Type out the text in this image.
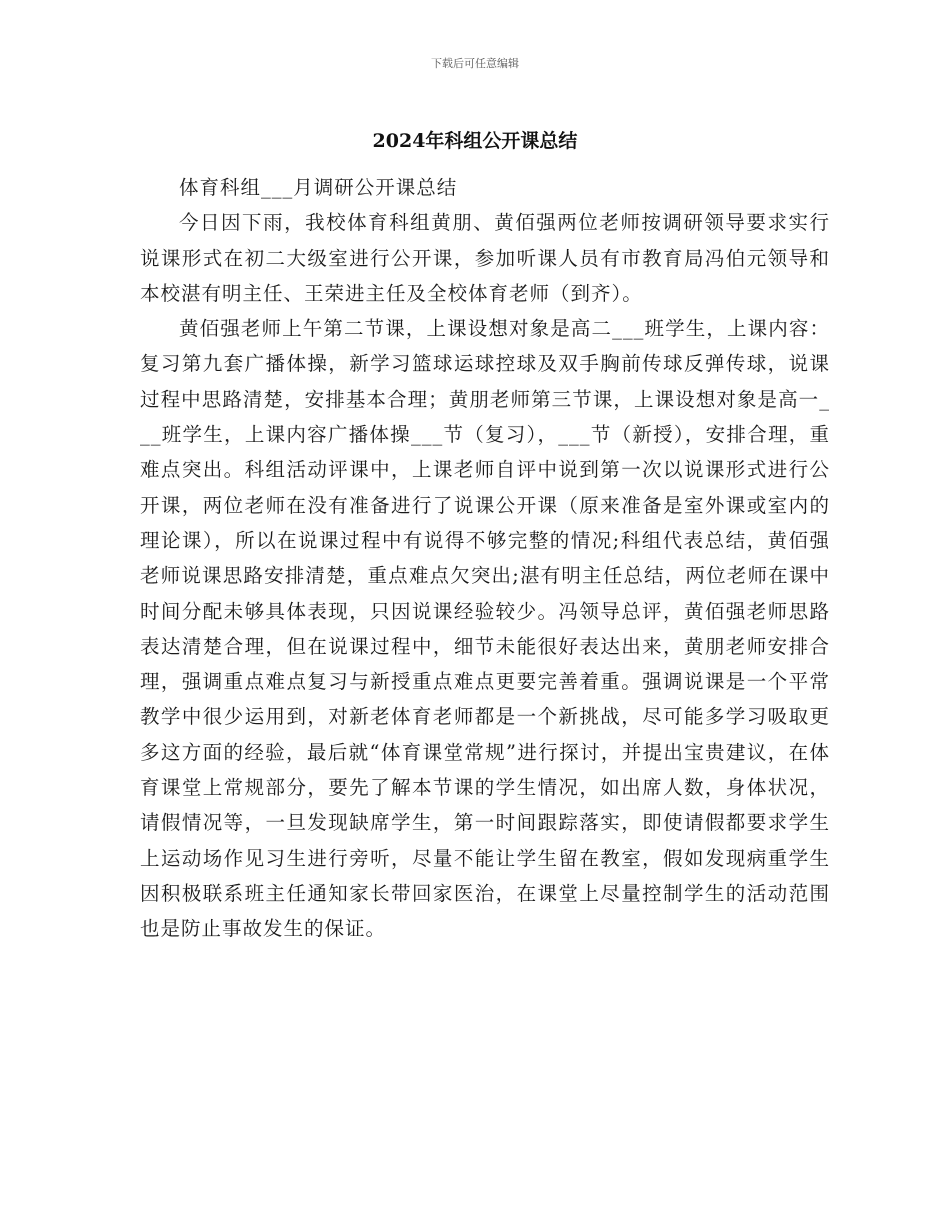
下载后可任意编辑
2024年科组公开课总结

体育科组___月调研公开课总结

今日因下雨，我校体育科组黄朋、黄佰强两位老师按调研领导要求实行说课形式在初二大级室进行公开课，参加听课人员有市教育局冯伯元领导和本校湛有明主任、王荣进主任及全校体育老师（到齐）。

黄佰强老师上午第二节课，上课设想对象是高二___班学生，上课内容：复习第九套广播体操，新学习篮球运球控球及双手胸前传球反弹传球，说课过程中思路清楚，安排基本合理；黄朋老师第三节课，上课设想对象是高一___班学生，上课内容广播体操___节（复习），___节（新授），安排合理，重难点突出。科组活动评课中，上课老师自评中说到第一次以说课形式进行公开课，两位老师在没有准备进行了说课公开课（原来准备是室外课或室内的理论课），所以在说课过程中有说得不够完整的情况;科组代表总结，黄佰强老师说课思路安排清楚，重点难点欠突出;湛有明主任总结，两位老师在课中时间分配未够具体表现，只因说课经验较少。冯领导总评，黄佰强老师思路表达清楚合理，但在说课过程中，细节未能很好表达出来，黄朋老师安排合理，强调重点难点复习与新授重点难点更要完善着重。强调说课是一个平常教学中很少运用到，对新老体育老师都是一个新挑战，尽可能多学习吸取更多这方面的经验，最后就“体育课堂常规”进行探讨，并提出宝贵建议，在体育课堂上常规部分，要先了解本节课的学生情况，如出席人数，身体状况，请假情况等，一旦发现缺席学生，第一时间跟踪落实，即使请假都要求学生上运动场作见习生进行旁听，尽量不能让学生留在教室，假如发现病重学生因积极联系班主任通知家长带回家医治，在课堂上尽量控制学生的活动范围也是防止事故发生的保证。
